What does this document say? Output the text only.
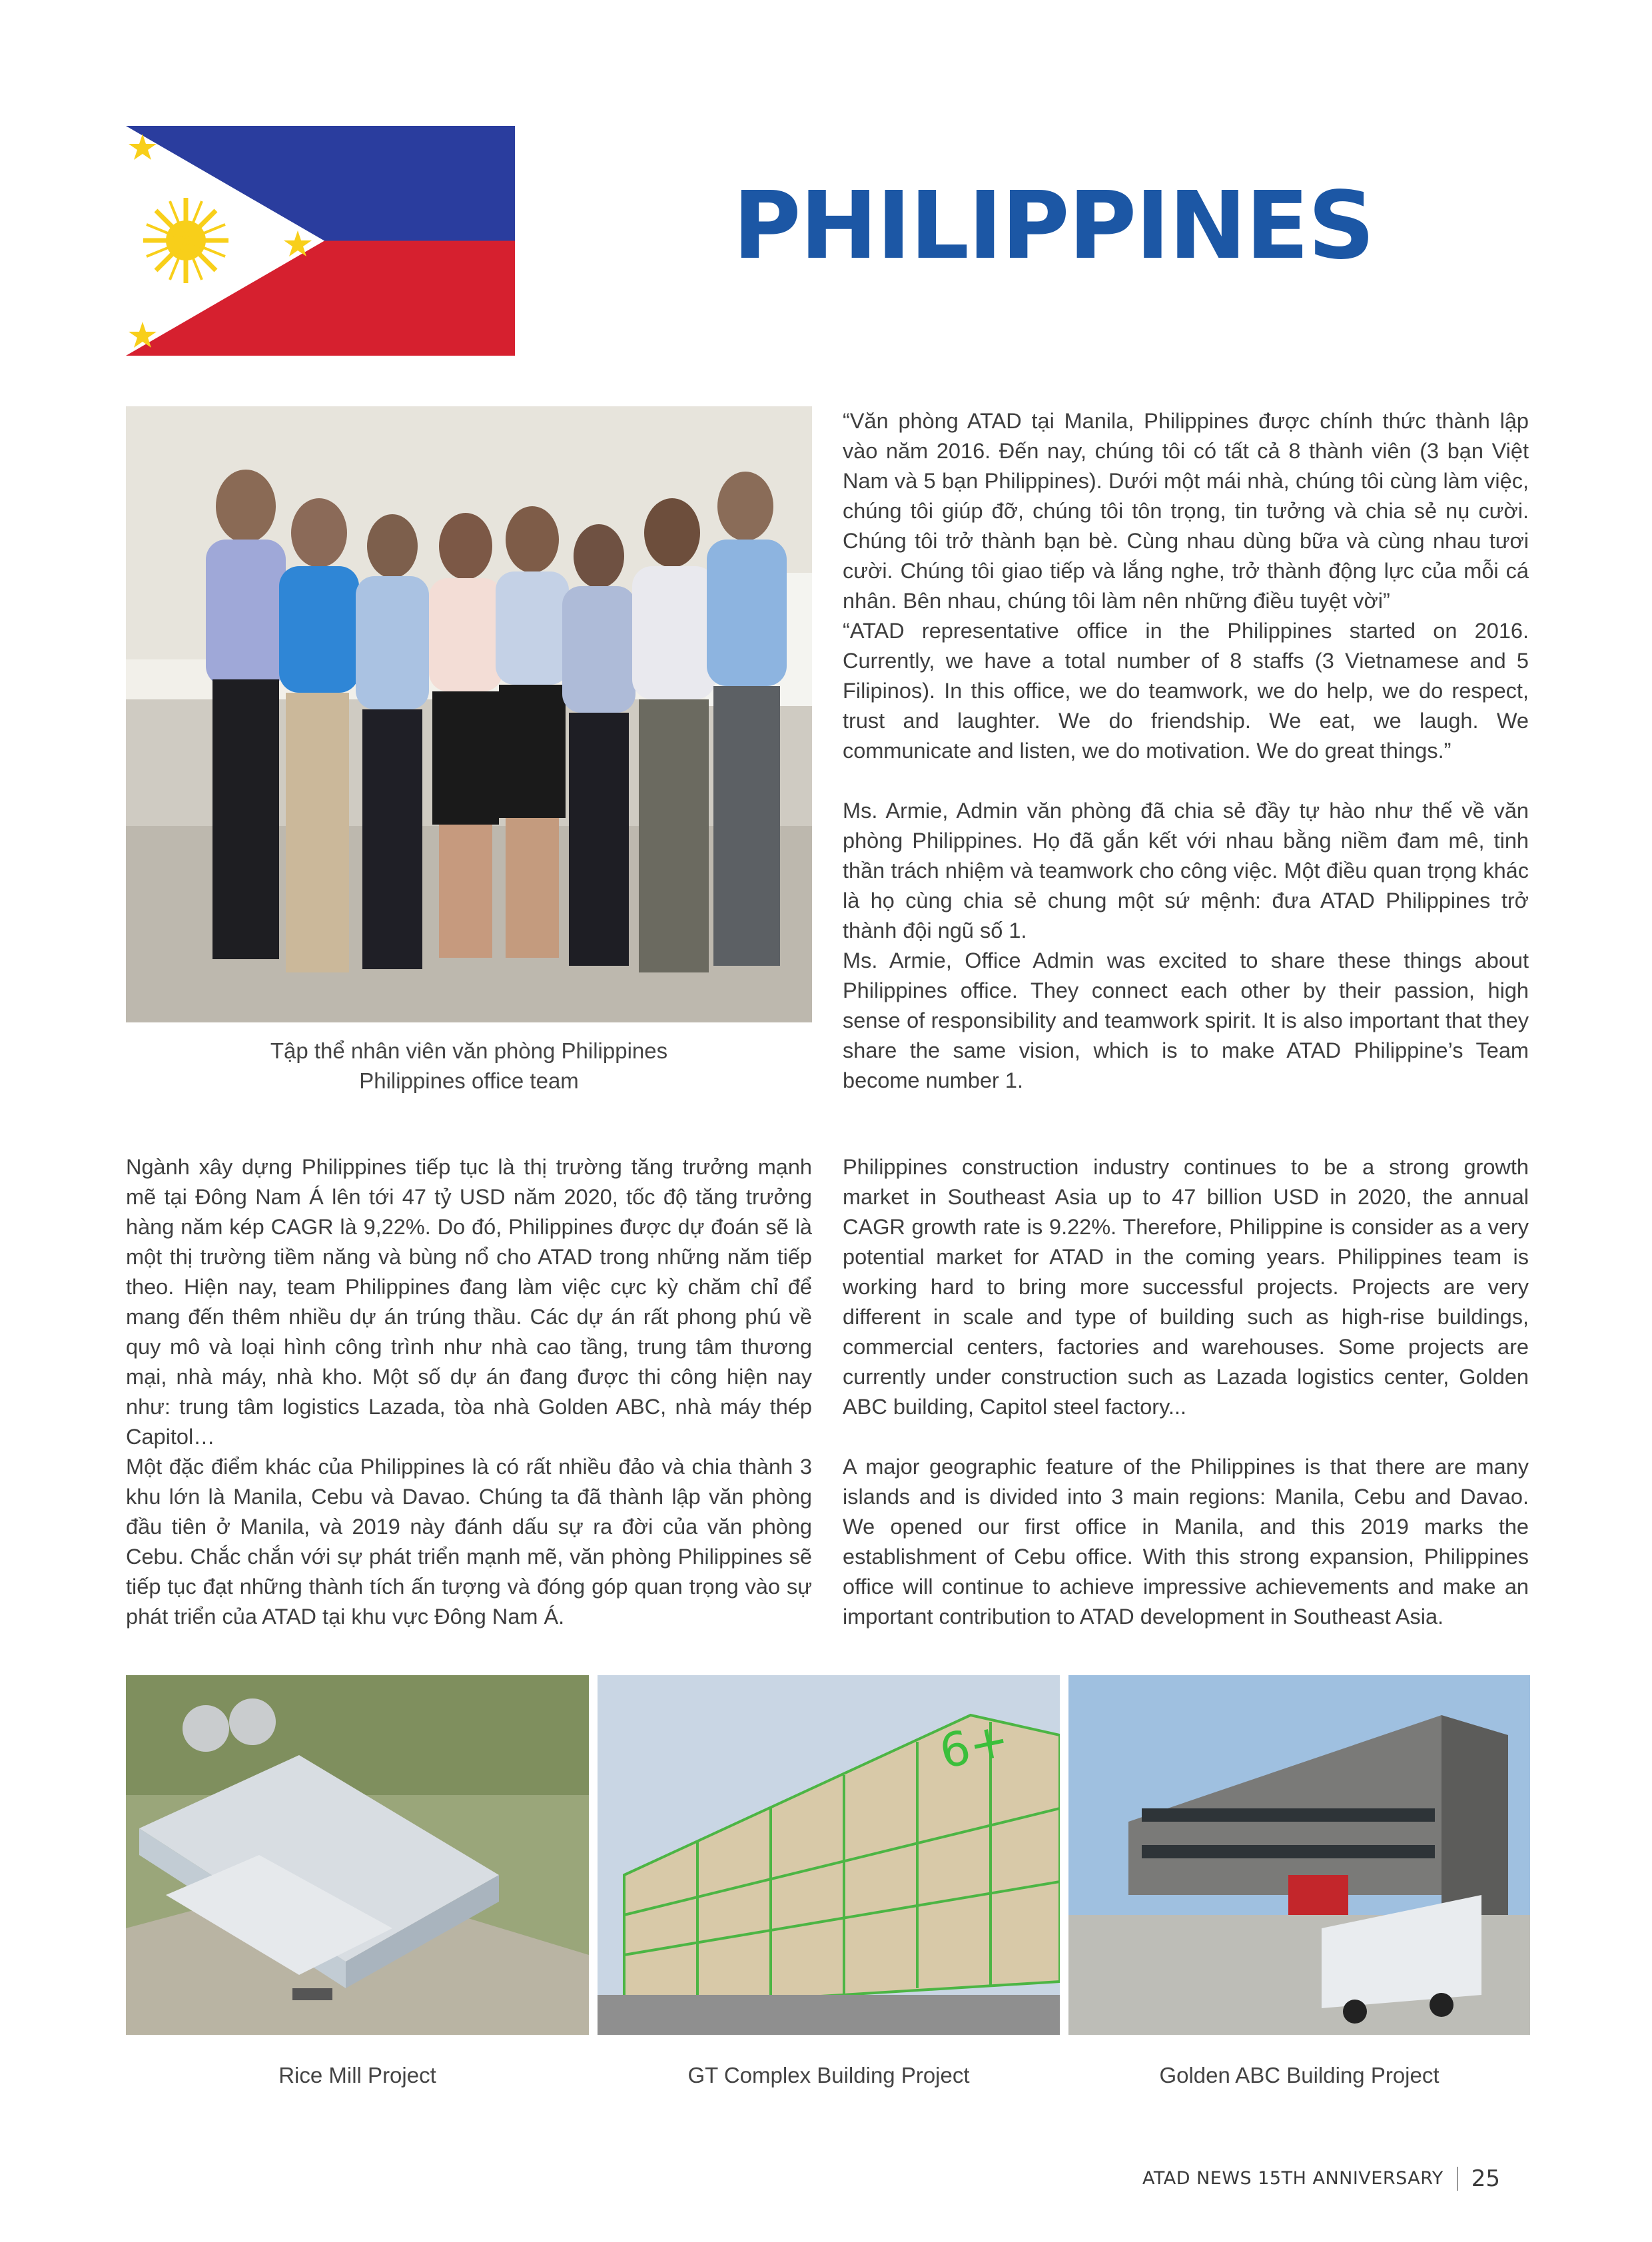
PHILIPPINES
Tập thể nhân viên văn phòng Philippines
Philippines office team

“Văn phòng ATAD tại Manila, Philippines được chính thức thành lập vào năm 2016. Đến nay, chúng tôi có tất cả 8 thành viên (3 bạn Việt Nam và 5 bạn Philippines). Dưới một mái nhà, chúng tôi cùng làm việc, chúng tôi giúp đỡ, chúng tôi tôn trọng, tin tưởng và chia sẻ nụ cười. Chúng tôi trở thành bạn bè. Cùng nhau dùng bữa và cùng nhau tươi cười. Chúng tôi giao tiếp và lắng nghe, trở thành động lực của mỗi cá nhân. Bên nhau, chúng tôi làm nên những điều tuyệt vời”

“ATAD representative office in the Philippines started on 2016. Currently, we have a total number of 8 staffs (3 Vietnamese and 5 Filipinos). In this office, we do teamwork, we do help, we do respect, trust and laughter. We do friendship. We eat, we laugh. We communicate and listen, we do motivation. We do great things.”

Ms. Armie, Admin văn phòng đã chia sẻ đầy tự hào như thế về văn phòng Philippines. Họ đã gắn kết với nhau bằng niềm đam mê, tinh thần trách nhiệm và teamwork cho công việc. Một điều quan trọng khác là họ cùng chia sẻ chung một sứ mệnh: đưa ATAD Philippines trở thành đội ngũ số 1.

Ms. Armie, Office Admin was excited to share these things about Philippines office. They connect each other by their passion, high sense of responsibility and teamwork spirit. It is also important that they share the same vision, which is to make ATAD Philippine’s Team become number 1.

Ngành xây dựng Philippines tiếp tục là thị trường tăng trưởng mạnh mẽ tại Đông Nam Á lên tới 47 tỷ USD năm 2020, tốc độ tăng trưởng hàng năm kép CAGR là 9,22%. Do đó, Philippines được dự đoán sẽ là một thị trường tiềm năng và bùng nổ cho ATAD trong những năm tiếp theo. Hiện nay, team Philippines đang làm việc cực kỳ chăm chỉ để mang đến thêm nhiều dự án trúng thầu. Các dự án rất phong phú về quy mô và loại hình công trình như nhà cao tầng, trung tâm thương mại, nhà máy, nhà kho. Một số dự án đang được thi công hiện nay như: trung tâm logistics Lazada, tòa nhà Golden ABC, nhà máy thép Capitol…

Một đặc điểm khác của Philippines là có rất nhiều đảo và chia thành 3 khu lớn là Manila, Cebu và Davao. Chúng ta đã thành lập văn phòng đầu tiên ở Manila, và 2019 này đánh dấu sự ra đời của văn phòng Cebu. Chắc chắn với sự phát triển mạnh mẽ, văn phòng Philippines sẽ tiếp tục đạt những thành tích ấn tượng và đóng góp quan trọng vào sự phát triển của ATAD tại khu vực Đông Nam Á.

Philippines construction industry continues to be a strong growth market in Southeast Asia up to 47 billion USD in 2020, the annual CAGR growth rate is 9.22%. Therefore, Philippine is consider as a very potential market for ATAD in the coming years. Philippines team is working hard to bring more successful projects. Projects are very different in scale and type of building such as high-rise buildings, commercial centers, factories and warehouses. Some projects are currently under construction such as Lazada logistics center, Golden ABC building, Capitol steel factory...

A major geographic feature of the Philippines is that there are many islands and is divided into 3 main regions: Manila, Cebu and Davao. We opened our first office in Manila, and this 2019 marks the establishment of Cebu office. With this strong expansion, Philippines office will continue to achieve impressive achievements and make an important contribution to ATAD development in Southeast Asia.

6+
Rice Mill Project	GT Complex Building Project	Golden ABC Building Project
ATAD NEWS 15TH ANNIVERSARY 25
